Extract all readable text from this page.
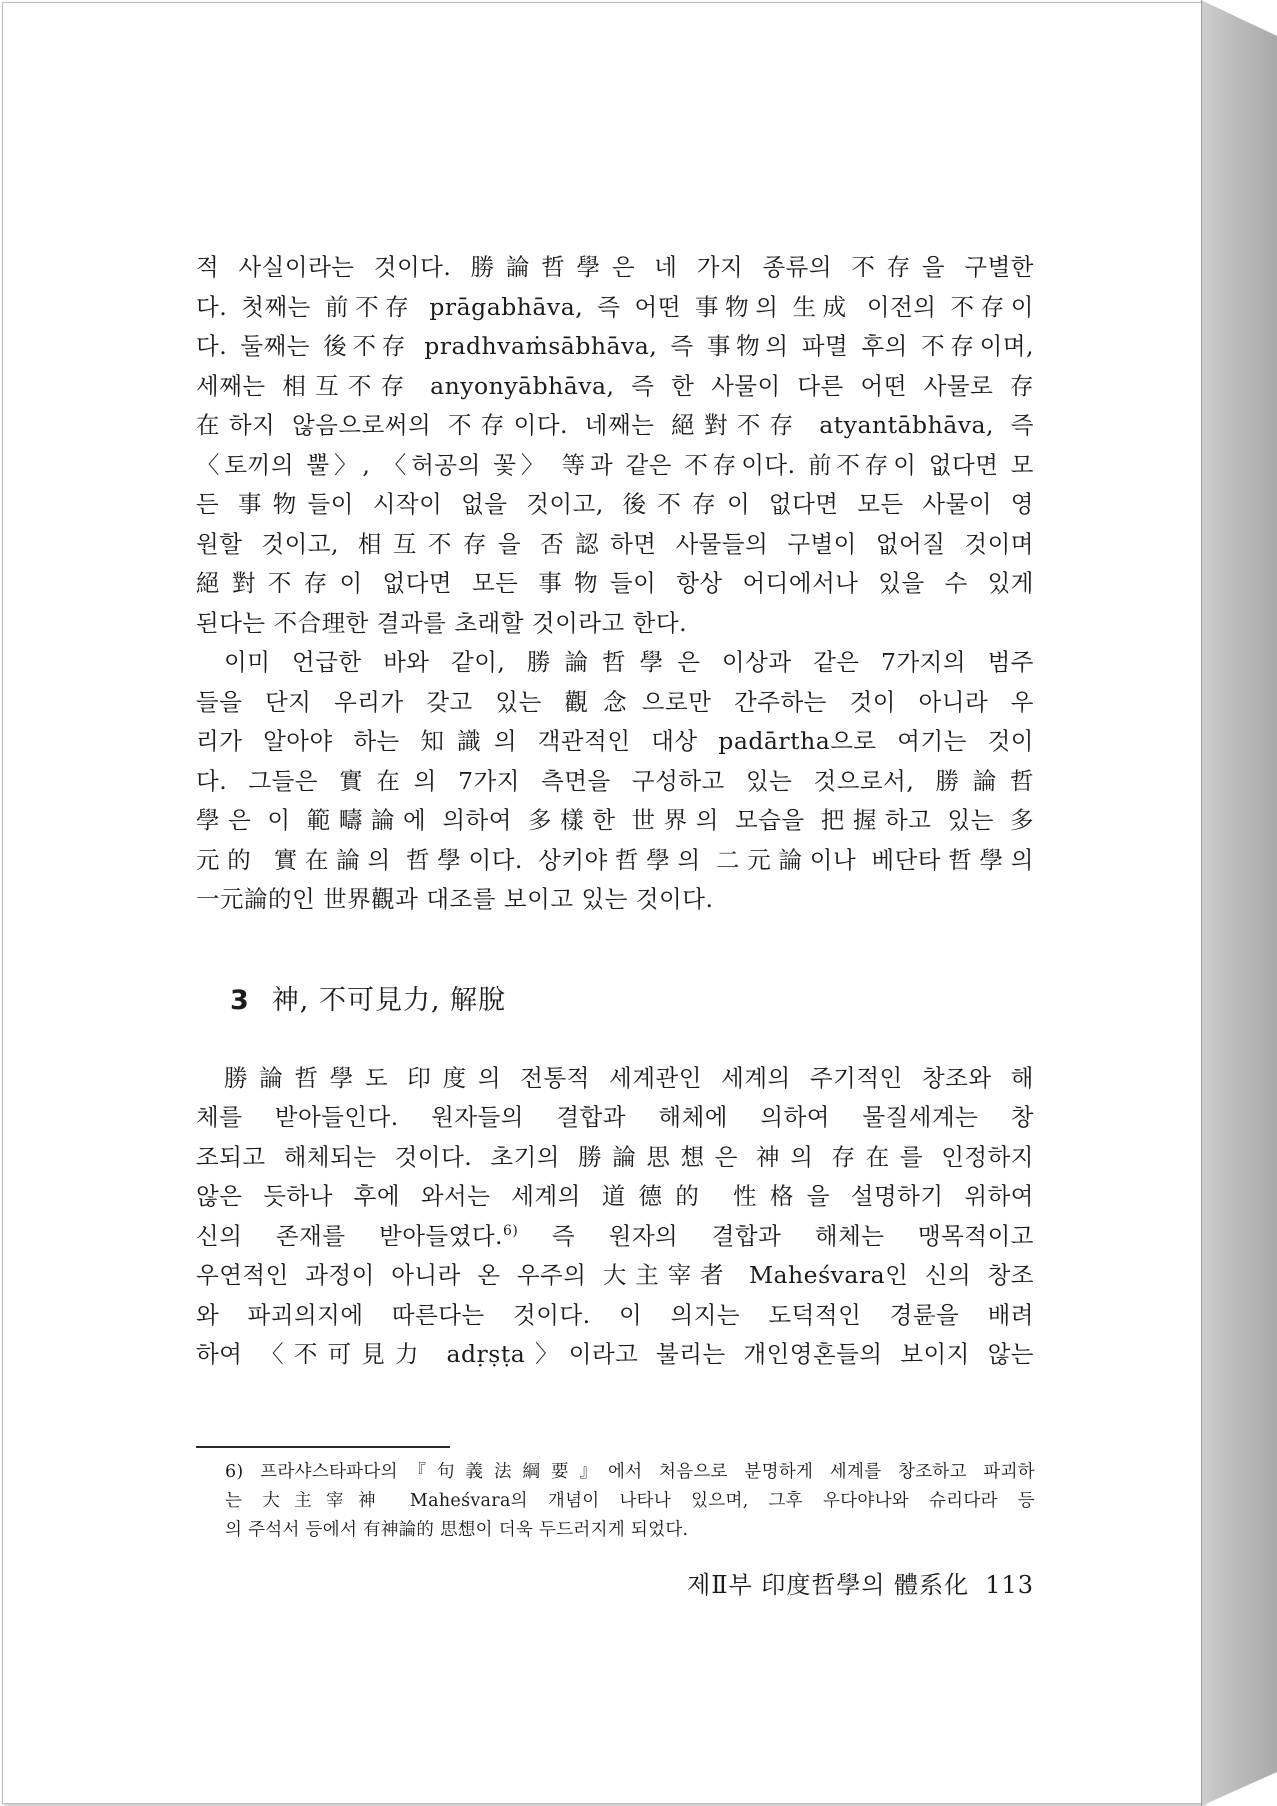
적 사실이라는 것이다. 勝論哲學은 네 가지 종류의 不存을 구별한
다. 첫째는 前不存 prāgabhāva, 즉 어떤 事物의 生成 이전의 不存이
다. 둘째는 後不存 pradhvaṁsābhāva, 즉 事物의 파멸 후의 不存이며,
세째는 相互不存 anyonyābhāva, 즉 한 사물이 다른 어떤 사물로 存
在하지 않음으로써의 不存이다. 네째는 絕對不存 atyantābhāva, 즉
〈토끼의 뿔〉, 〈허공의 꽃〉 等과 같은 不存이다. 前不存이 없다면 모
든 事物들이 시작이 없을 것이고, 後不存이 없다면 모든 사물이 영
원할 것이고, 相互不存을 否認하면 사물들의 구별이 없어질 것이며
絕對不存이 없다면 모든 事物들이 항상 어디에서나 있을 수 있게
된다는 不合理한 결과를 초래할 것이라고 한다.

이미 언급한 바와 같이, 勝論哲學은 이상과 같은 7가지의 범주
들을 단지 우리가 갖고 있는 觀念으로만 간주하는 것이 아니라 우
리가 알아야 하는 知識의 객관적인 대상 padārtha으로 여기는 것이
다. 그들은 實在의 7가지 측면을 구성하고 있는 것으로서, 勝論哲
學은 이 範疇論에 의하여 多樣한 世界의 모습을 把握하고 있는 多
元的 實在論의 哲學이다. 상키야哲學의 二元論이나 베단타哲學의
一元論的인 世界觀과 대조를 보이고 있는 것이다.

3 神, 不可見力, 解脫

勝論哲學도 印度의 전통적 세계관인 세계의 주기적인 창조와 해
체를 받아들인다. 원자들의 결합과 해체에 의하여 물질세계는 창
조되고 해체되는 것이다. 초기의 勝論思想은 神의 存在를 인정하지
않은 듯하나 후에 와서는 세계의 道德的 性格을 설명하기 위하여
신의 존재를 받아들였다.$^{6)}$ 즉 원자의 결합과 해체는 맹목적이고
우연적인 과정이 아니라 온 우주의 大主宰者 Maheśvara인 신의 창조
와 파괴의지에 따른다는 것이다. 이 의지는 도덕적인 경륜을 배려
하여 〈不可見力 adṛṣṭa〉이라고 불리는 개인영혼들의 보이지 않는

6) 프라샤스타파다의『句義法綱要』에서 처음으로 분명하게 세계를 창조하고 파괴하
는 大主宰神 Maheśvara의 개념이 나타나 있으며, 그후 우다야나와 슈리다라 등
의 주석서 등에서 有神論的 思想이 더욱 두드러지게 되었다.
제Ⅱ부 印度哲學의 體系化 113
